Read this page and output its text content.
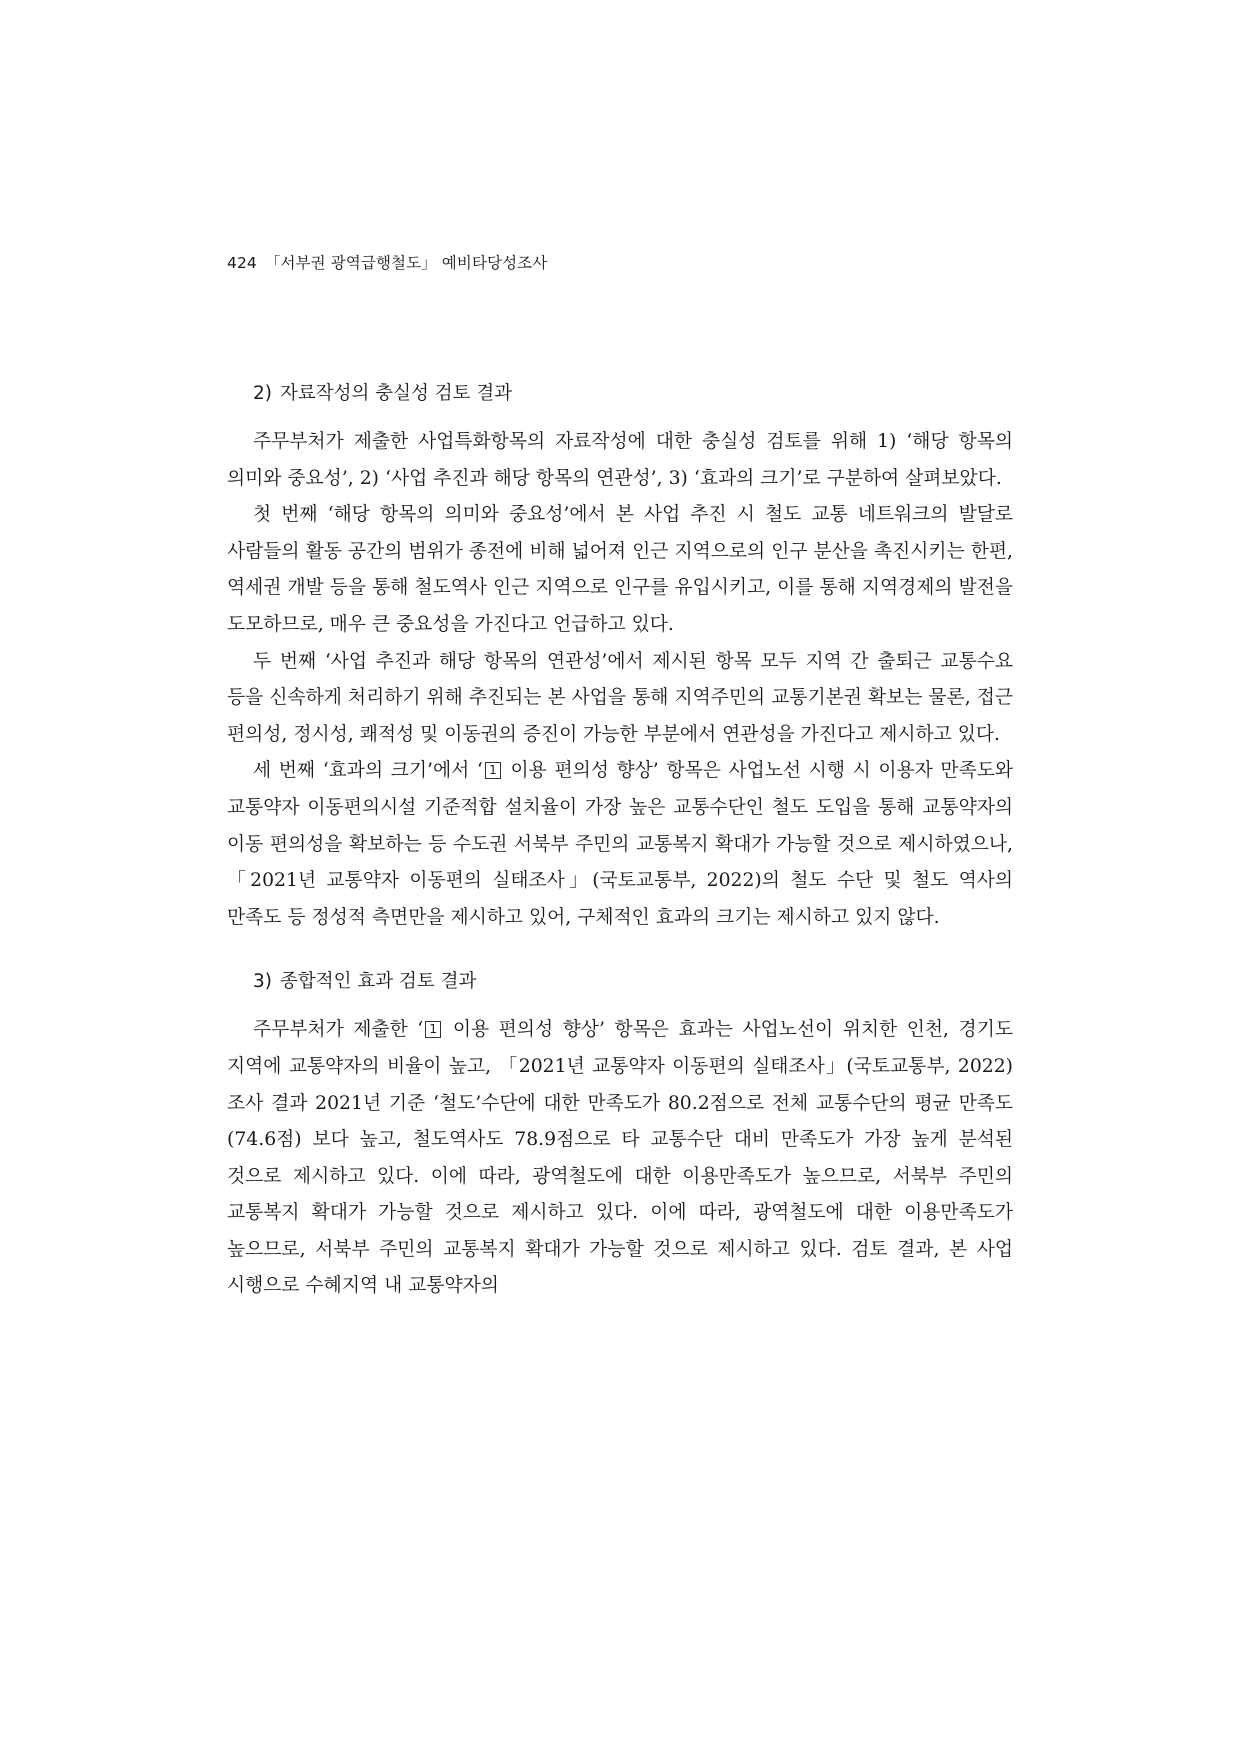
424 「서부권 광역급행철도」 예비타당성조사
2) 자료작성의 충실성 검토 결과

주무부처가 제출한 사업특화항목의 자료작성에 대한 충실성 검토를 위해 1) ‘해당 항목의 의미와 중요성’, 2) ‘사업 추진과 해당 항목의 연관성’, 3) ‘효과의 크기’로 구분하여 살펴보았다.

첫 번째 ‘해당 항목의 의미와 중요성’에서 본 사업 추진 시 철도 교통 네트워크의 발달로 사람들의 활동 공간의 범위가 종전에 비해 넓어져 인근 지역으로의 인구 분산을 촉진시키는 한편, 역세권 개발 등을 통해 철도역사 인근 지역으로 인구를 유입시키고, 이를 통해 지역경제의 발전을 도모하므로, 매우 큰 중요성을 가진다고 언급하고 있다.

두 번째 ‘사업 추진과 해당 항목의 연관성’에서 제시된 항목 모두 지역 간 출퇴근 교통수요 등을 신속하게 처리하기 위해 추진되는 본 사업을 통해 지역주민의 교통기본권 확보는 물론, 접근 편의성, 정시성, 쾌적성 및 이동권의 증진이 가능한 부분에서 연관성을 가진다고 제시하고 있다.

세 번째 ‘효과의 크기’에서 ‘ 1 이용 편의성 향상’ 항목은 사업노선 시행 시 이용자 만족도와 교통약자 이동편의시설 기준적합 설치율이 가장 높은 교통수단인 철도 도입을 통해 교통약자의 이동 편의성을 확보하는 등 수도권 서북부 주민의 교통복지 확대가 가능할 것으로 제시하였으나, 「2021년 교통약자 이동편의 실태조사」(국토교통부, 2022)의 철도 수단 및 철도 역사의 만족도 등 정성적 측면만을 제시하고 있어, 구체적인 효과의 크기는 제시하고 있지 않다.

3) 종합적인 효과 검토 결과

주무부처가 제출한 ‘ 1 이용 편의성 향상’ 항목은 효과는 사업노선이 위치한 인천, 경기도 지역에 교통약자의 비율이 높고, 「2021년 교통약자 이동편의 실태조사」(국토교통부, 2022) 조사 결과 2021년 기준 ‘철도’수단에 대한 만족도가 80.2점으로 전체 교통수단의 평균 만족도(74.6점) 보다 높고, 철도역사도 78.9점으로 타 교통수단 대비 만족도가 가장 높게 분석된 것으로 제시하고 있다. 이에 따라, 광역철도에 대한 이용만족도가 높으므로, 서북부 주민의 교통복지 확대가 가능할 것으로 제시하고 있다. 이에 따라, 광역철도에 대한 이용만족도가 높으므로, 서북부 주민의 교통복지 확대가 가능할 것으로 제시하고 있다. 검토 결과, 본 사업 시행으로 수혜지역 내 교통약자의
